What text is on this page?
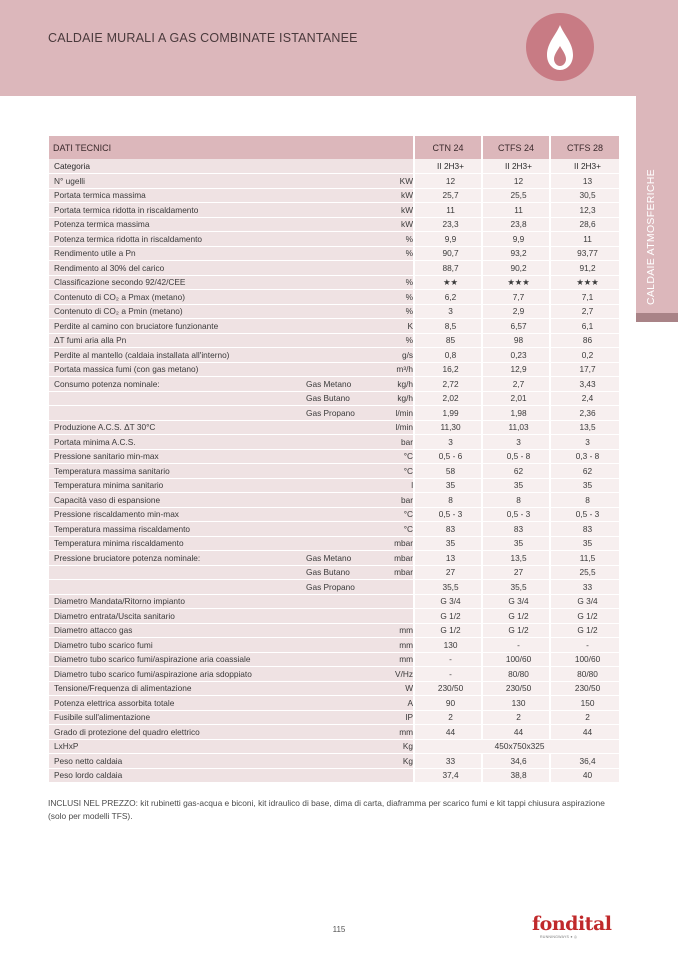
CALDAIE MURALI A GAS COMBINATE ISTANTANEE
CALDAIE ATMOSFERICHE
DATI TECNICI			CTN 24	CTFS 24	CTFS 28
Categoria			II 2H3+	II 2H3+	II 2H3+
N° ugelli		KW	12	12	13
Portata termica massima		kW	25,7	25,5	30,5
Portata termica ridotta in riscaldamento		kW	11	11	12,3
Potenza termica massima		kW	23,3	23,8	28,6
Potenza termica ridotta in riscaldamento		%	9,9	9,9	11
Rendimento utile a Pn		%	90,7	93,2	93,77
Rendimento al 30% del carico			88,7	90,2	91,2
Classificazione secondo 92/42/CEE		%	★★	★★★	★★★
Contenuto di CO₂ a Pmax (metano)		%	6,2	7,7	7,1
Contenuto di CO₂ a Pmin (metano)		%	3	2,9	2,7
Perdite al camino con bruciatore funzionante		K	8,5	6,57	6,1
ΔT fumi aria alla Pn		%	85	98	86
Perdite al mantello (caldaia installata all'interno)		g/s	0,8	0,23	0,2
Portata massica fumi (con gas metano)		m³/h	16,2	12,9	17,7
Consumo potenza nominale:	Gas Metano	kg/h	2,72	2,7	3,43
	Gas Butano	kg/h	2,02	2,01	2,4
	Gas Propano	l/min	1,99	1,98	2,36
Produzione A.C.S. ΔT 30°C		l/min	11,30	11,03	13,5
Portata minima A.C.S.		bar	3	3	3
Pressione sanitario min-max		°C	0,5 - 6	0,5 - 8	0,3 - 8
Temperatura massima sanitario		°C	58	62	62
Temperatura minima sanitario		l	35	35	35
Capacità vaso di espansione		bar	8	8	8
Pressione riscaldamento min-max		°C	0,5 - 3	0,5 - 3	0,5 - 3
Temperatura massima riscaldamento		°C	83	83	83
Temperatura minima riscaldamento		mbar	35	35	35
Pressione bruciatore potenza nominale:	Gas Metano	mbar	13	13,5	11,5
	Gas Butano	mbar	27	27	25,5
	Gas Propano		35,5	35,5	33
Diametro Mandata/Ritorno impianto			G 3/4	G 3/4	G 3/4
Diametro entrata/Uscita sanitario			G 1/2	G 1/2	G 1/2
Diametro attacco gas		mm	G 1/2	G 1/2	G 1/2
Diametro tubo scarico fumi		mm	130	-	-
Diametro tubo scarico fumi/aspirazione aria coassiale		mm	-	100/60	100/60
Diametro tubo scarico fumi/aspirazione aria sdoppiato		V/Hz	-	80/80	80/80
Tensione/Frequenza di alimentazione		W	230/50	230/50	230/50
Potenza elettrica assorbita totale		A	90	130	150
Fusibile sull'alimentazione		IP	2	2	2
Grado di protezione del quadro elettrico		mm	44	44	44
LxHxP		Kg	450x750x325		
Peso netto caldaia		Kg	33	34,6	36,4
Peso lordo caldaia			37,4	38,8	40
INCLUSI NEL PREZZO: kit rubinetti gas-acqua e biconi, kit idraulico di base, dima di carta, diaframma per scarico fumi e kit tappi chiusura aspirazione (solo per modelli TFS).
115	fondital
RUNNINGWAYS ● ◎
